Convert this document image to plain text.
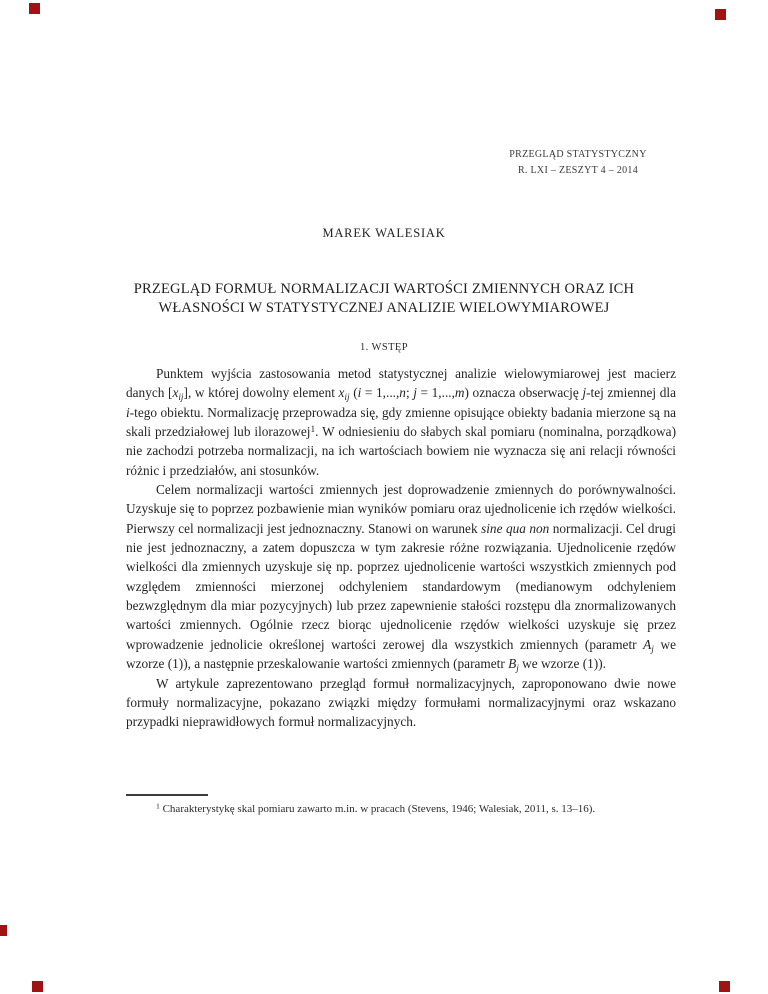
PRZEGLĄD STATYSTYCZNY
R. LXI – ZESZYT 4 – 2014
MAREK WALESIAK
PRZEGLĄD FORMUŁ NORMALIZACJI WARTOŚCI ZMIENNYCH ORAZ ICH
WŁASNOŚCI W STATYSTYCZNEJ ANALIZIE WIELOWYMIAROWEJ
1. WSTĘP

Punktem wyjścia zastosowania metod statystycznej analizie wielowymiarowej jest macierz danych $[x_{ij}]$, w której dowolny element $x_{ij}$ (i = 1,...,n; j = 1,...,m) oznacza obserwację j-tej zmiennej dla i-tego obiektu. Normalizację przeprowadza się, gdy zmienne opisujące obiekty badania mierzone są na skali przedziałowej lub ilorazowej$^1$. W odniesieniu do słabych skal pomiaru (nominalna, porządkowa) nie zachodzi potrzeba normalizacji, na ich wartościach bowiem nie wyznacza się ani relacji równości różnic i przedziałów, ani stosunków.

Celem normalizacji wartości zmiennych jest doprowadzenie zmiennych do porównywalności. Uzyskuje się to poprzez pozbawienie mian wyników pomiaru oraz ujednolicenie ich rzędów wielkości. Pierwszy cel normalizacji jest jednoznaczny. Stanowi on warunek sine qua non normalizacji. Cel drugi nie jest jednoznaczny, a zatem dopuszcza w tym zakresie różne rozwiązania. Ujednolicenie rzędów wielkości dla zmiennych uzyskuje się np. poprzez ujednolicenie wartości wszystkich zmiennych pod względem zmienności mierzonej odchyleniem standardowym (medianowym odchyleniem bezwzględnym dla miar pozycyjnych) lub przez zapewnienie stałości rozstępu dla znormalizowanych wartości zmiennych. Ogólnie rzecz biorąc ujednolicenie rzędów wielkości uzyskuje się przez wprowadzenie jednolicie określonej wartości zerowej dla wszystkich zmiennych (parametr $A_j$ we wzorze (1)), a następnie przeskalowanie wartości zmiennych (parametr $B_j$ we wzorze (1)).

W artykule zaprezentowano przegląd formuł normalizacyjnych, zaproponowano dwie nowe formuły normalizacyjne, pokazano związki między formułami normalizacyjnymi oraz wskazano przypadki nieprawidłowych formuł normalizacyjnych.

$^1$ Charakterystykę skal pomiaru zawarto m.in. w pracach (Stevens, 1946; Walesiak, 2011, s. 13–16).
